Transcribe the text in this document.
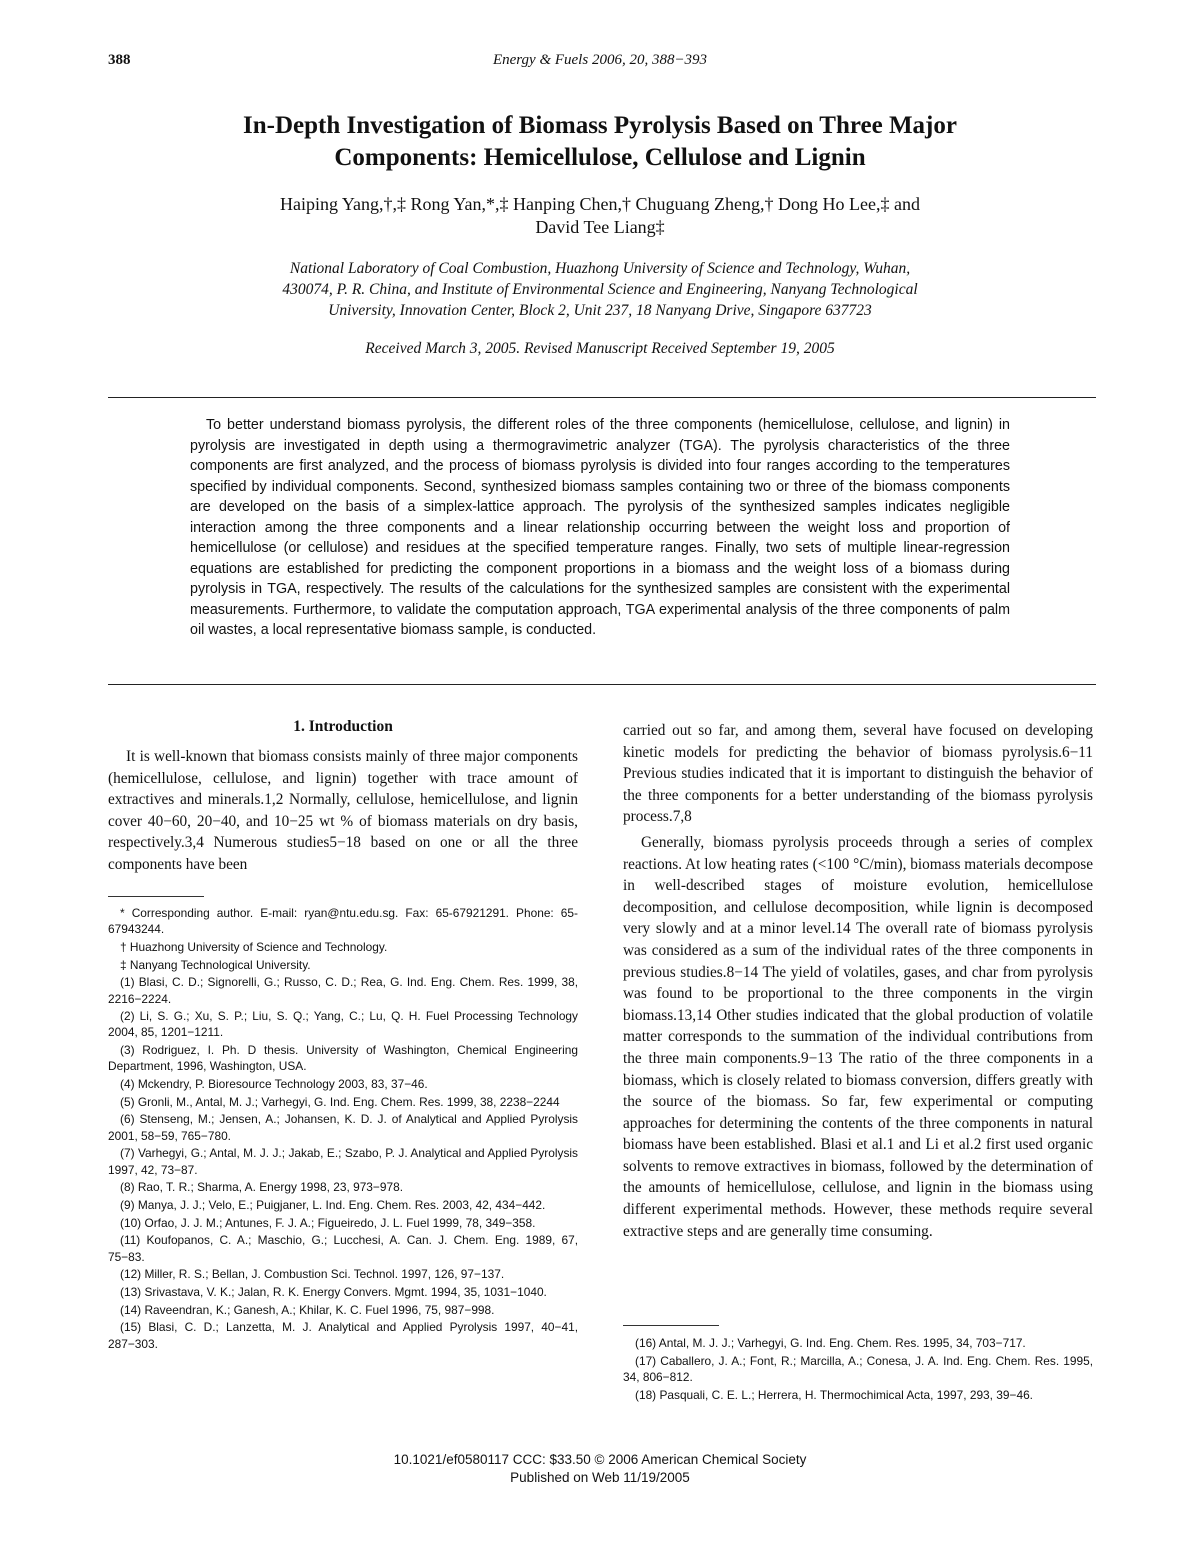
388	Energy & Fuels 2006, 20, 388−393
In-Depth Investigation of Biomass Pyrolysis Based on Three Major
Components: Hemicellulose, Cellulose and Lignin
Haiping Yang,†,‡ Rong Yan,*,‡ Hanping Chen,† Chuguang Zheng,† Dong Ho Lee,‡ and
David Tee Liang‡
National Laboratory of Coal Combustion, Huazhong University of Science and Technology, Wuhan,
430074, P. R. China, and Institute of Environmental Science and Engineering, Nanyang Technological
University, Innovation Center, Block 2, Unit 237, 18 Nanyang Drive, Singapore 637723
Received March 3, 2005. Revised Manuscript Received September 19, 2005
To better understand biomass pyrolysis, the different roles of the three components (hemicellulose, cellulose, and lignin) in pyrolysis are investigated in depth using a thermogravimetric analyzer (TGA). The pyrolysis characteristics of the three components are first analyzed, and the process of biomass pyrolysis is divided into four ranges according to the temperatures specified by individual components. Second, synthesized biomass samples containing two or three of the biomass components are developed on the basis of a simplex-lattice approach. The pyrolysis of the synthesized samples indicates negligible interaction among the three components and a linear relationship occurring between the weight loss and proportion of hemicellulose (or cellulose) and residues at the specified temperature ranges. Finally, two sets of multiple linear-regression equations are established for predicting the component proportions in a biomass and the weight loss of a biomass during pyrolysis in TGA, respectively. The results of the calculations for the synthesized samples are consistent with the experimental measurements. Furthermore, to validate the computation approach, TGA experimental analysis of the three components of palm oil wastes, a local representative biomass sample, is conducted.
1. Introduction

It is well-known that biomass consists mainly of three major components (hemicellulose, cellulose, and lignin) together with trace amount of extractives and minerals.1,2 Normally, cellulose, hemicellulose, and lignin cover 40−60, 20−40, and 10−25 wt % of biomass materials on dry basis, respectively.3,4 Numerous studies5−18 based on one or all the three components have been

* Corresponding author. E-mail: ryan@ntu.edu.sg. Fax: 65-67921291. Phone: 65-67943244.
† Huazhong University of Science and Technology.
‡ Nanyang Technological University.
(1) Blasi, C. D.; Signorelli, G.; Russo, C. D.; Rea, G. Ind. Eng. Chem. Res. 1999, 38, 2216−2224.
(2) Li, S. G.; Xu, S. P.; Liu, S. Q.; Yang, C.; Lu, Q. H. Fuel Processing Technology 2004, 85, 1201−1211.
(3) Rodriguez, I. Ph. D thesis. University of Washington, Chemical Engineering Department, 1996, Washington, USA.
(4) Mckendry, P. Bioresource Technology 2003, 83, 37−46.
(5) Gronli, M., Antal, M. J.; Varhegyi, G. Ind. Eng. Chem. Res. 1999, 38, 2238−2244
(6) Stenseng, M.; Jensen, A.; Johansen, K. D. J. of Analytical and Applied Pyrolysis 2001, 58−59, 765−780.
(7) Varhegyi, G.; Antal, M. J. J.; Jakab, E.; Szabo, P. J. Analytical and Applied Pyrolysis 1997, 42, 73−87.
(8) Rao, T. R.; Sharma, A. Energy 1998, 23, 973−978.
(9) Manya, J. J.; Velo, E.; Puigjaner, L. Ind. Eng. Chem. Res. 2003, 42, 434−442.
(10) Orfao, J. J. M.; Antunes, F. J. A.; Figueiredo, J. L. Fuel 1999, 78, 349−358.
(11) Koufopanos, C. A.; Maschio, G.; Lucchesi, A. Can. J. Chem. Eng. 1989, 67, 75−83.
(12) Miller, R. S.; Bellan, J. Combustion Sci. Technol. 1997, 126, 97−137.
(13) Srivastava, V. K.; Jalan, R. K. Energy Convers. Mgmt. 1994, 35, 1031−1040.
(14) Raveendran, K.; Ganesh, A.; Khilar, K. C. Fuel 1996, 75, 987−998.
(15) Blasi, C. D.; Lanzetta, M. J. Analytical and Applied Pyrolysis 1997, 40−41, 287−303.

carried out so far, and among them, several have focused on developing kinetic models for predicting the behavior of biomass pyrolysis.6−11 Previous studies indicated that it is important to distinguish the behavior of the three components for a better understanding of the biomass pyrolysis process.7,8

Generally, biomass pyrolysis proceeds through a series of complex reactions. At low heating rates (<100 °C/min), biomass materials decompose in well-described stages of moisture evolution, hemicellulose decomposition, and cellulose decomposition, while lignin is decomposed very slowly and at a minor level.14 The overall rate of biomass pyrolysis was considered as a sum of the individual rates of the three components in previous studies.8−14 The yield of volatiles, gases, and char from pyrolysis was found to be proportional to the three components in the virgin biomass.13,14 Other studies indicated that the global production of volatile matter corresponds to the summation of the individual contributions from the three main components.9−13 The ratio of the three components in a biomass, which is closely related to biomass conversion, differs greatly with the source of the biomass. So far, few experimental or computing approaches for determining the contents of the three components in natural biomass have been established. Blasi et al.1 and Li et al.2 first used organic solvents to remove extractives in biomass, followed by the determination of the amounts of hemicellulose, cellulose, and lignin in the biomass using different experimental methods. However, these methods require several extractive steps and are generally time consuming.

(16) Antal, M. J. J.; Varhegyi, G. Ind. Eng. Chem. Res. 1995, 34, 703−717.
(17) Caballero, J. A.; Font, R.; Marcilla, A.; Conesa, J. A. Ind. Eng. Chem. Res. 1995, 34, 806−812.
(18) Pasquali, C. E. L.; Herrera, H. Thermochimical Acta, 1997, 293, 39−46.
10.1021/ef0580117 CCC: $33.50 © 2006 American Chemical Society
Published on Web 11/19/2005
